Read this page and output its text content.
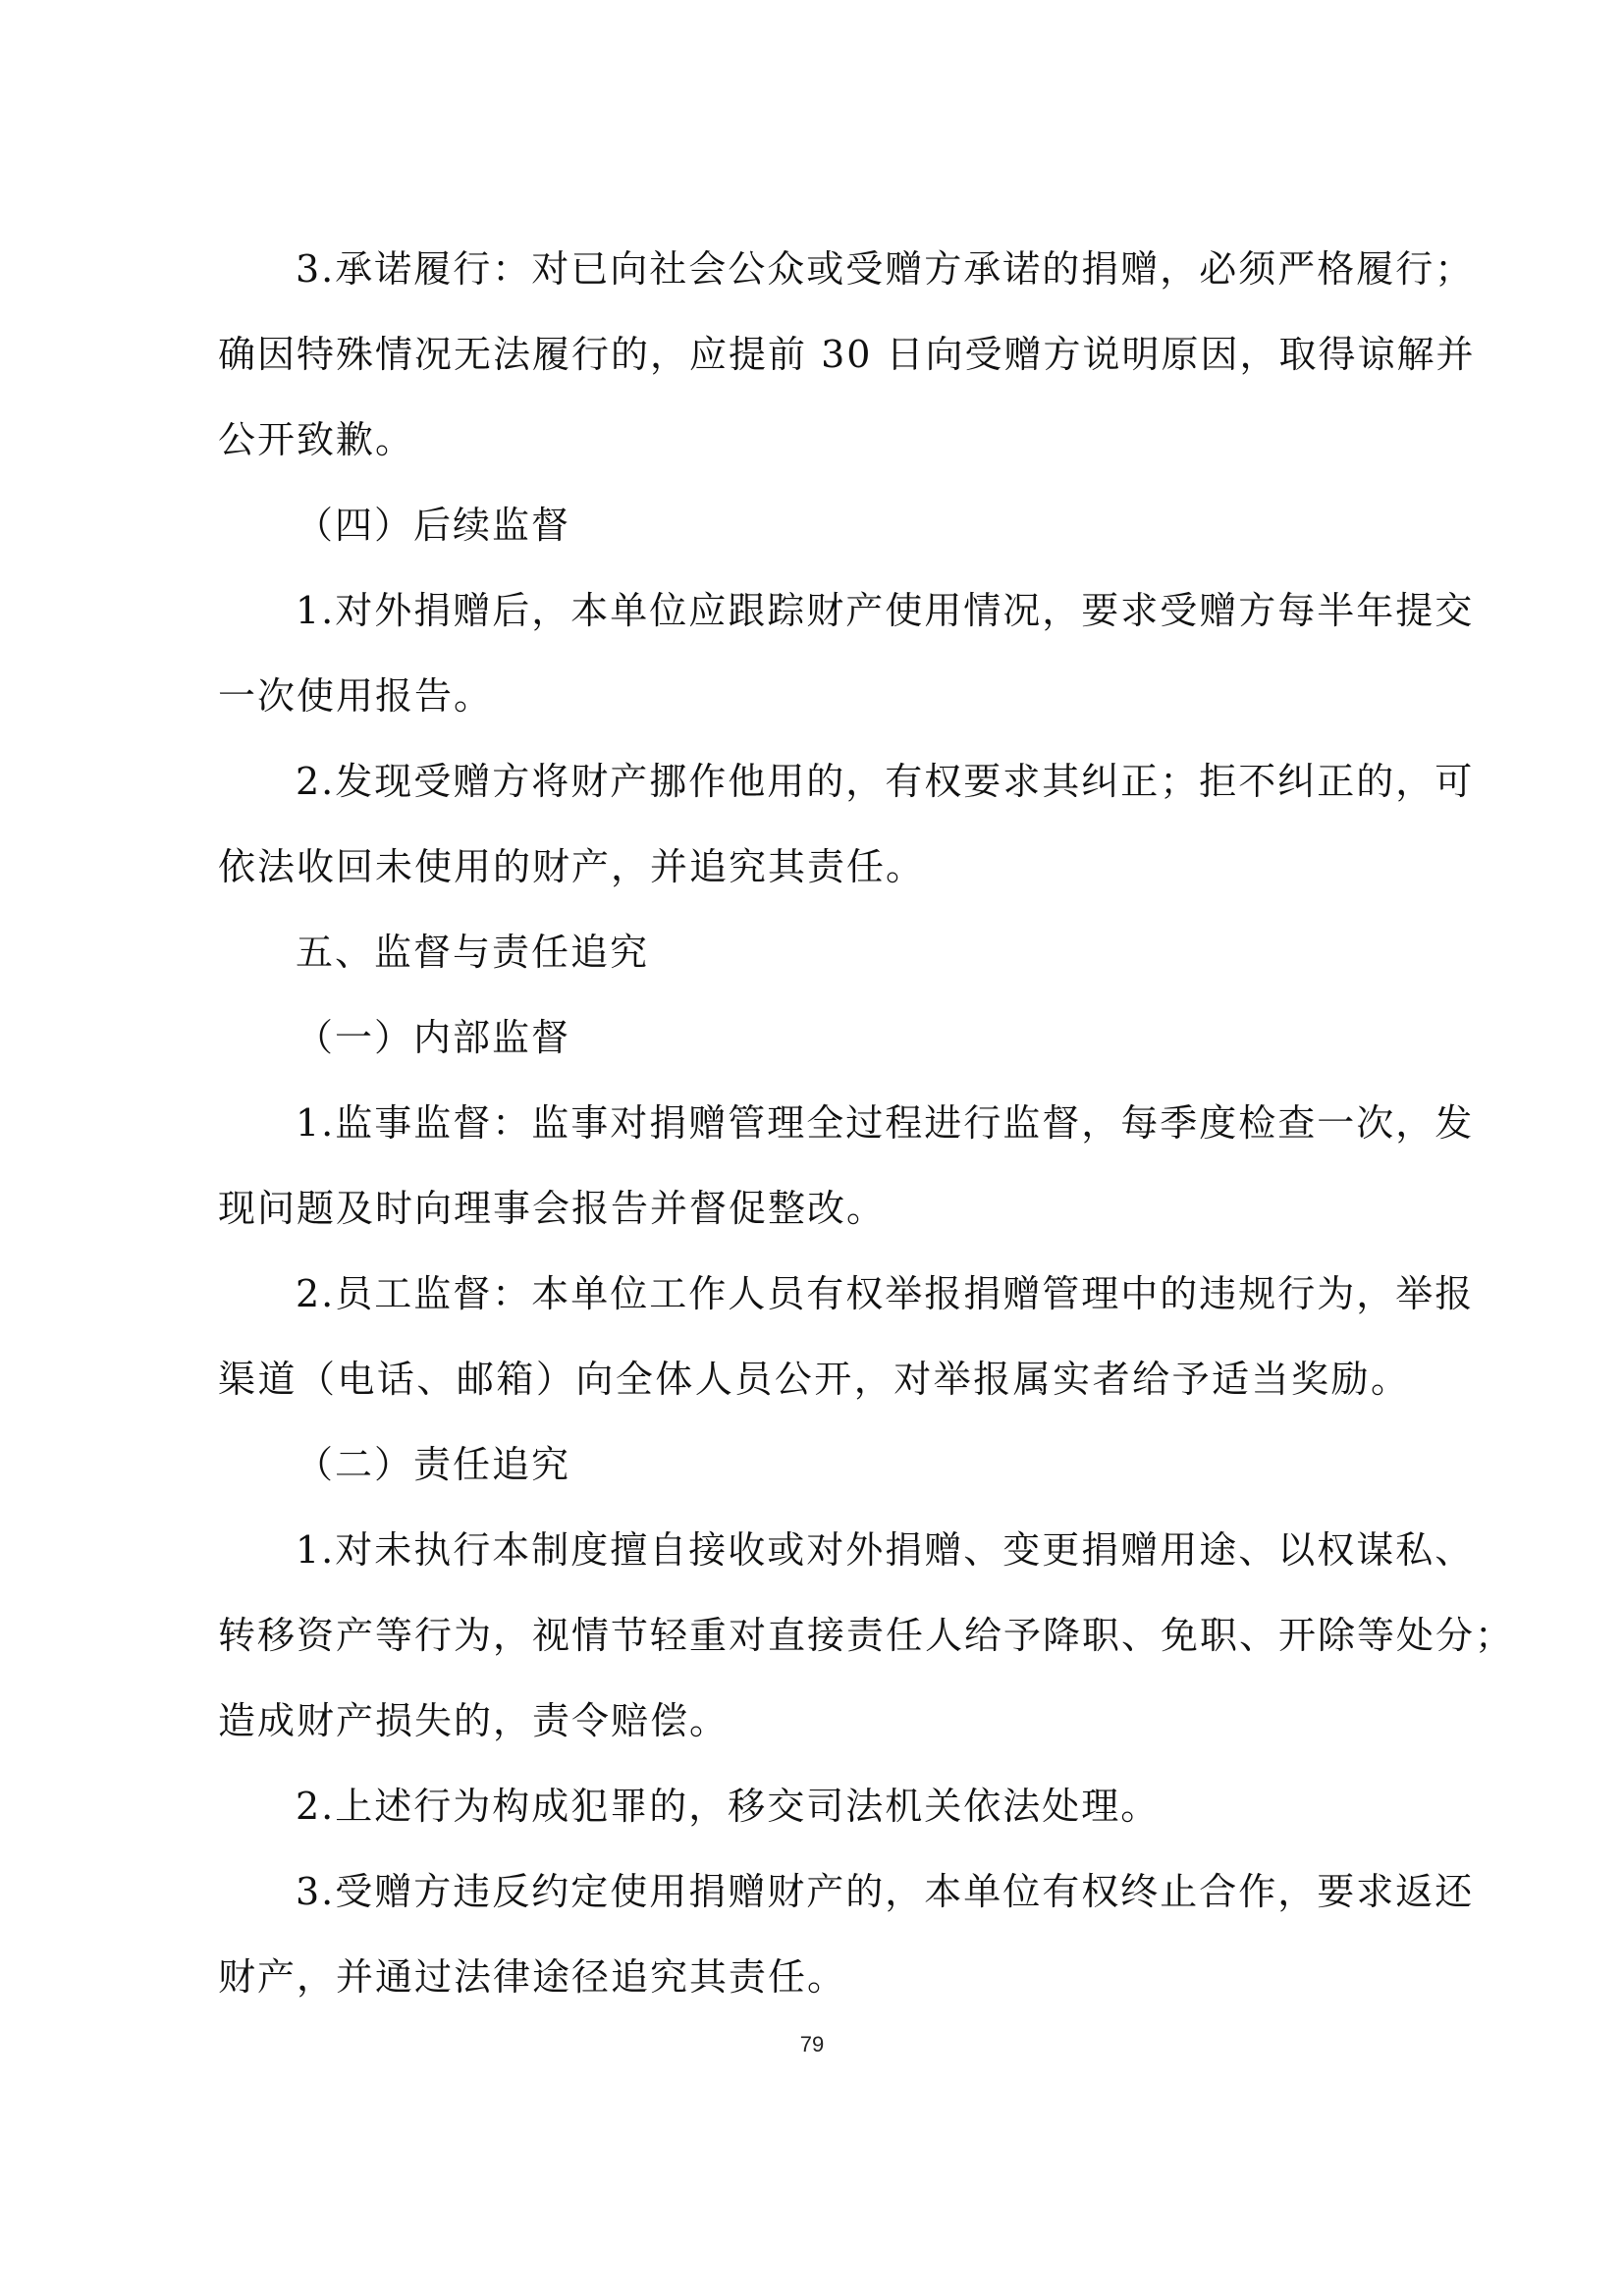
3.承诺履行：对已向社会公众或受赠方承诺的捐赠，必须严格履行；
确因特殊情况无法履行的，应提前 30 日向受赠方说明原因，取得谅解并
公开致歉。
（四）后续监督
1.对外捐赠后，本单位应跟踪财产使用情况，要求受赠方每半年提交
一次使用报告。
2.发现受赠方将财产挪作他用的，有权要求其纠正；拒不纠正的，可
依法收回未使用的财产，并追究其责任。
五、监督与责任追究
（一）内部监督
1.监事监督：监事对捐赠管理全过程进行监督，每季度检查一次，发
现问题及时向理事会报告并督促整改。
2.员工监督：本单位工作人员有权举报捐赠管理中的违规行为，举报
渠道（电话、邮箱）向全体人员公开，对举报属实者给予适当奖励。
（二）责任追究
1.对未执行本制度擅自接收或对外捐赠、变更捐赠用途、以权谋私、
转移资产等行为，视情节轻重对直接责任人给予降职、免职、开除等处分；
造成财产损失的，责令赔偿。
2.上述行为构成犯罪的，移交司法机关依法处理。
3.受赠方违反约定使用捐赠财产的，本单位有权终止合作，要求返还
财产，并通过法律途径追究其责任。
79
